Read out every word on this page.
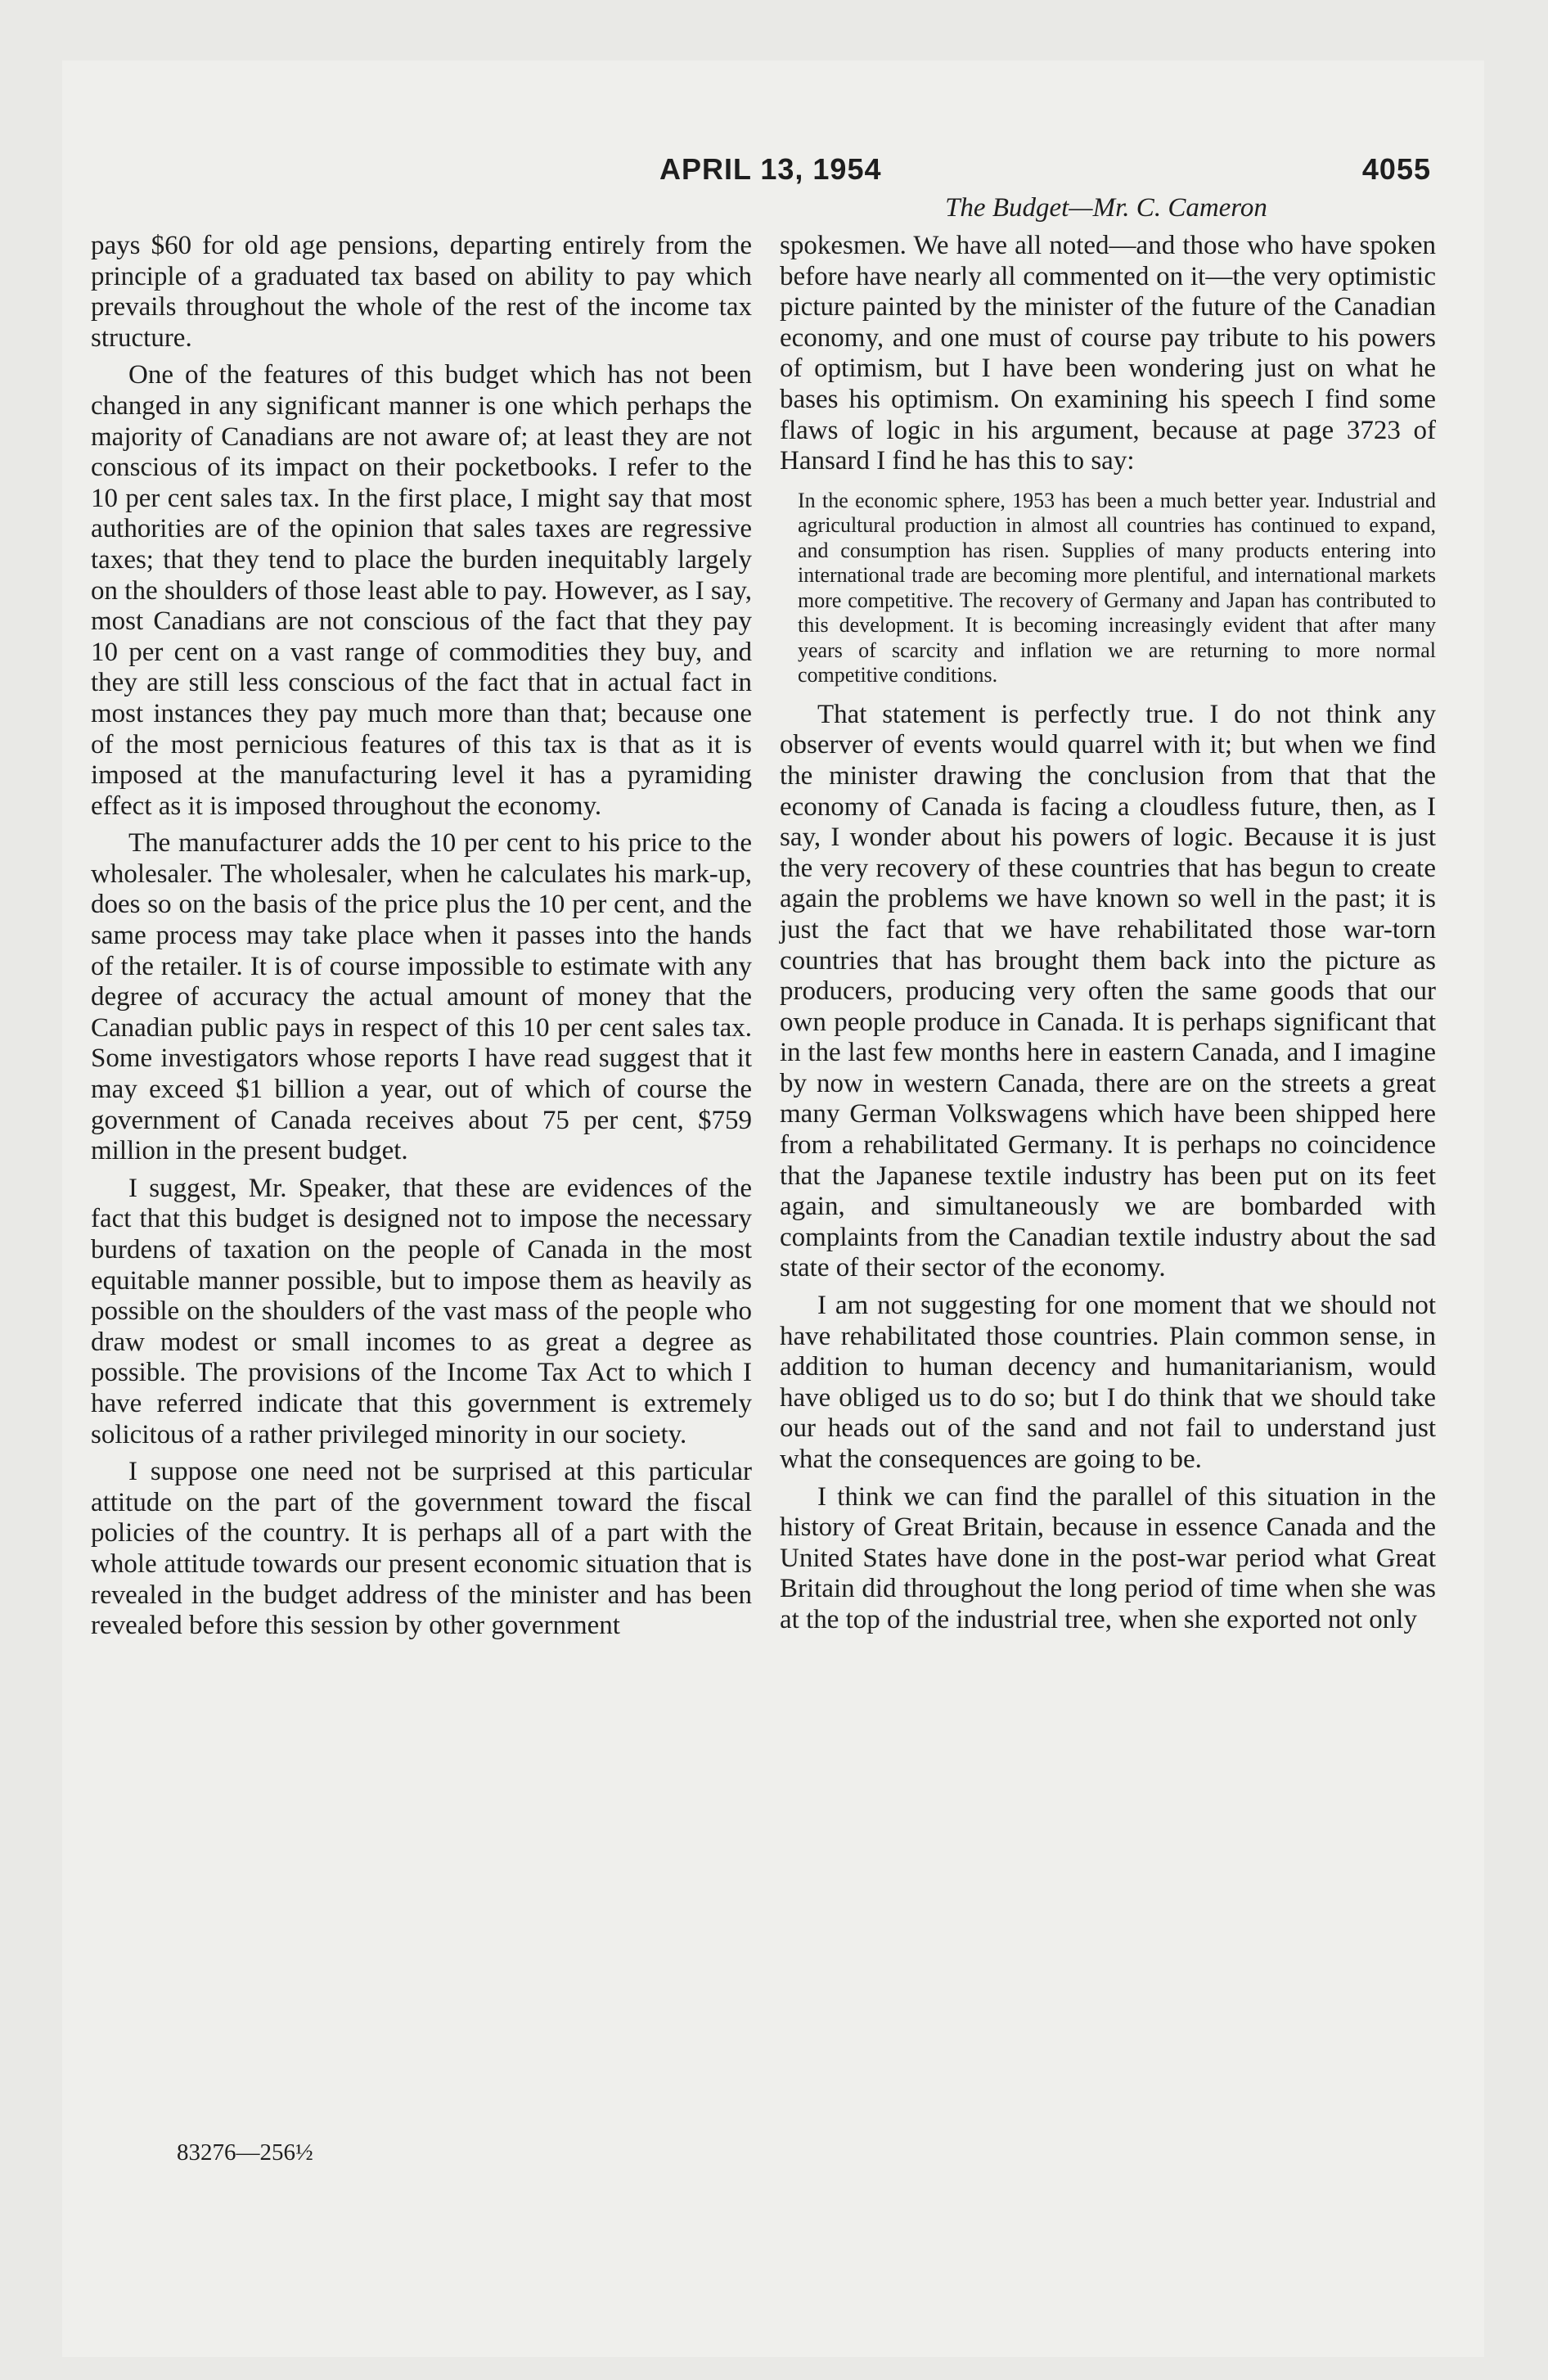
APRIL 13, 1954	4055
The Budget—Mr. C. Cameron

pays $60 for old age pensions, departing entirely from the principle of a graduated tax based on ability to pay which prevails throughout the whole of the rest of the income tax structure.

One of the features of this budget which has not been changed in any significant manner is one which perhaps the majority of Canadians are not aware of; at least they are not conscious of its impact on their pocketbooks. I refer to the 10 per cent sales tax. In the first place, I might say that most authorities are of the opinion that sales taxes are regressive taxes; that they tend to place the burden inequitably largely on the shoulders of those least able to pay. However, as I say, most Canadians are not conscious of the fact that they pay 10 per cent on a vast range of commodities they buy, and they are still less conscious of the fact that in actual fact in most instances they pay much more than that; because one of the most pernicious features of this tax is that as it is imposed at the manufacturing level it has a pyramiding effect as it is imposed throughout the economy.

The manufacturer adds the 10 per cent to his price to the wholesaler. The wholesaler, when he calculates his mark-up, does so on the basis of the price plus the 10 per cent, and the same process may take place when it passes into the hands of the retailer. It is of course impossible to estimate with any degree of accuracy the actual amount of money that the Canadian public pays in respect of this 10 per cent sales tax. Some investigators whose reports I have read suggest that it may exceed $1 billion a year, out of which of course the government of Canada receives about 75 per cent, $759 million in the present budget.

I suggest, Mr. Speaker, that these are evidences of the fact that this budget is designed not to impose the necessary burdens of taxation on the people of Canada in the most equitable manner possible, but to impose them as heavily as possible on the shoulders of the vast mass of the people who draw modest or small incomes to as great a degree as possible. The provisions of the Income Tax Act to which I have referred indicate that this government is extremely solicitous of a rather privileged minority in our society.

I suppose one need not be surprised at this particular attitude on the part of the government toward the fiscal policies of the country. It is perhaps all of a part with the whole attitude towards our present economic situation that is revealed in the budget address of the minister and has been revealed before this session by other government

83276—256½

spokesmen. We have all noted—and those who have spoken before have nearly all commented on it—the very optimistic picture painted by the minister of the future of the Canadian economy, and one must of course pay tribute to his powers of optimism, but I have been wondering just on what he bases his optimism. On examining his speech I find some flaws of logic in his argument, because at page 3723 of Hansard I find he has this to say:

In the economic sphere, 1953 has been a much better year. Industrial and agricultural production in almost all countries has continued to expand, and consumption has risen. Supplies of many products entering into international trade are becoming more plentiful, and international markets more competitive. The recovery of Germany and Japan has contributed to this development. It is becoming increasingly evident that after many years of scarcity and inflation we are returning to more normal competitive conditions.

That statement is perfectly true. I do not think any observer of events would quarrel with it; but when we find the minister drawing the conclusion from that that the economy of Canada is facing a cloudless future, then, as I say, I wonder about his powers of logic. Because it is just the very recovery of these countries that has begun to create again the problems we have known so well in the past; it is just the fact that we have rehabilitated those war-torn countries that has brought them back into the picture as producers, producing very often the same goods that our own people produce in Canada. It is perhaps significant that in the last few months here in eastern Canada, and I imagine by now in western Canada, there are on the streets a great many German Volkswagens which have been shipped here from a rehabilitated Germany. It is perhaps no coincidence that the Japanese textile industry has been put on its feet again, and simultaneously we are bombarded with complaints from the Canadian textile industry about the sad state of their sector of the economy.

I am not suggesting for one moment that we should not have rehabilitated those countries. Plain common sense, in addition to human decency and humanitarianism, would have obliged us to do so; but I do think that we should take our heads out of the sand and not fail to understand just what the consequences are going to be.

I think we can find the parallel of this situation in the history of Great Britain, because in essence Canada and the United States have done in the post-war period what Great Britain did throughout the long period of time when she was at the top of the industrial tree, when she exported not only
